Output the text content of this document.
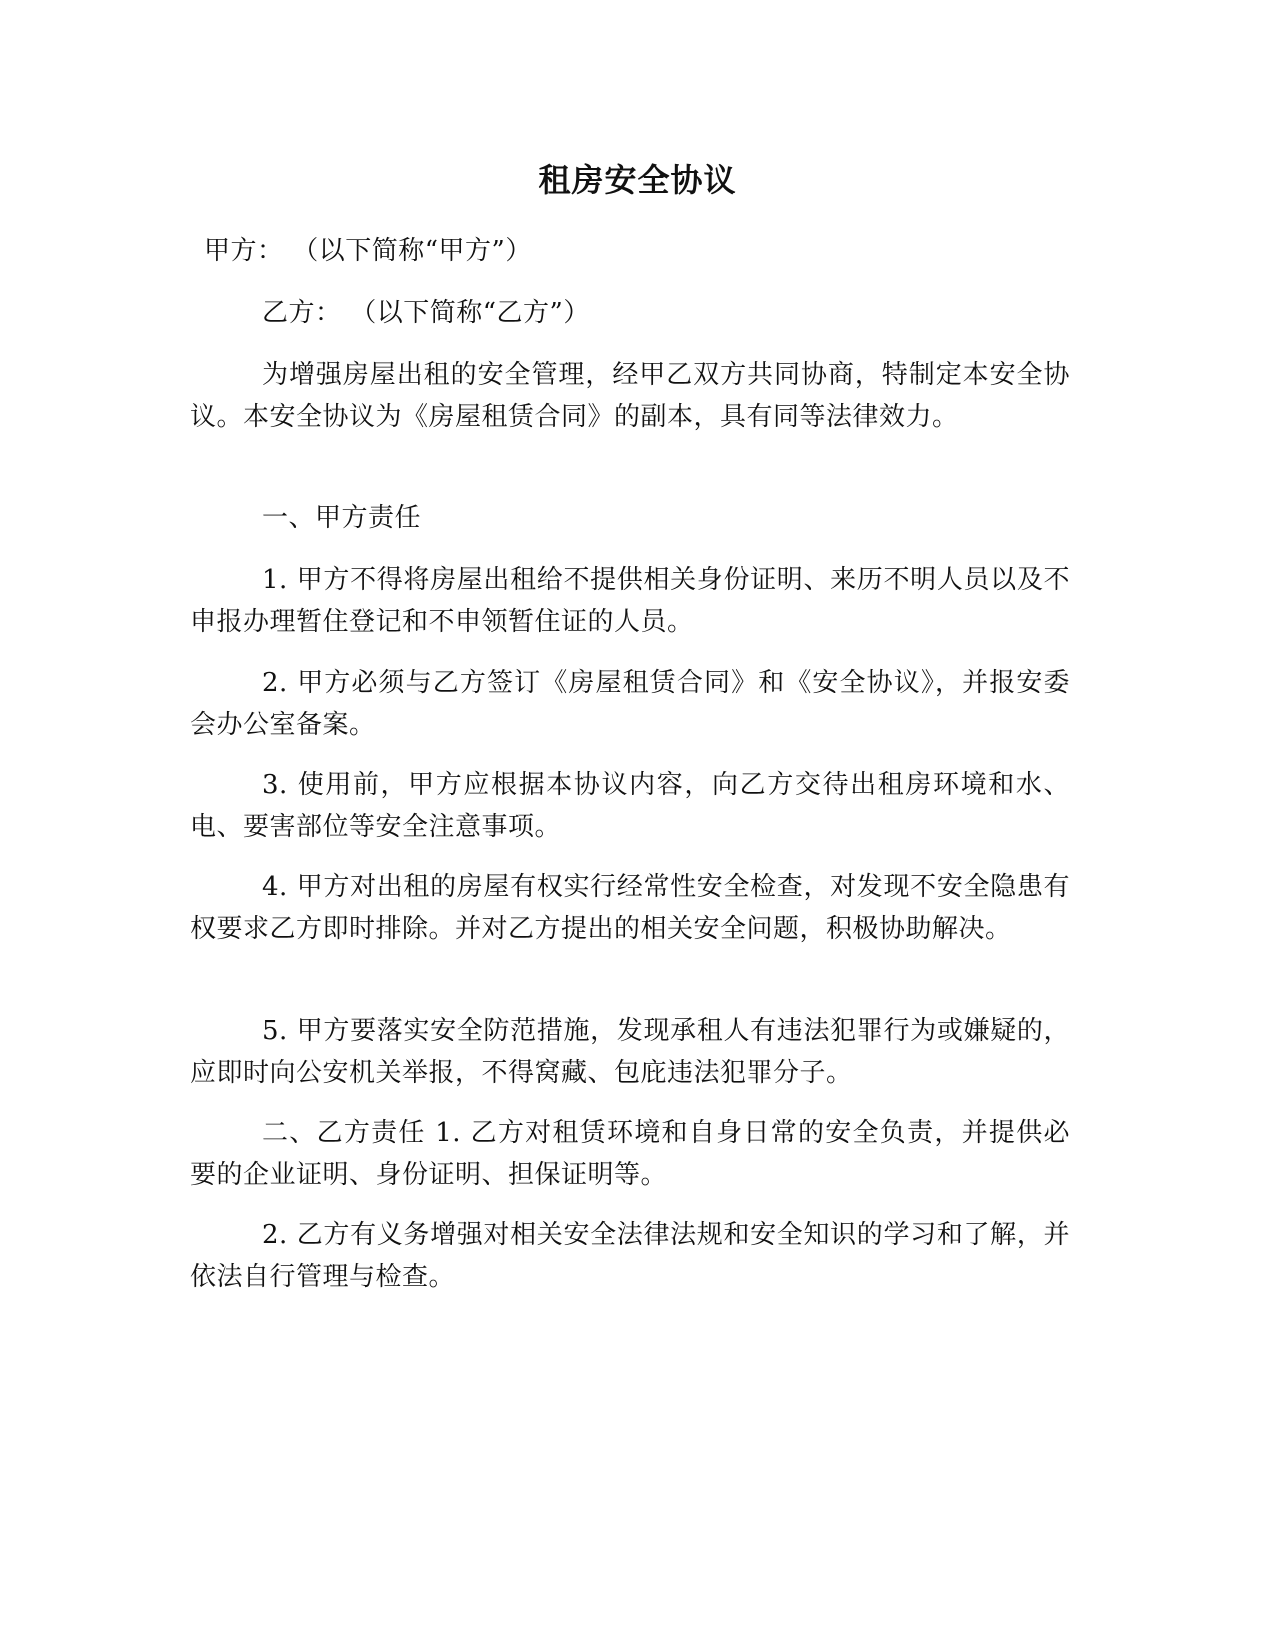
租房安全协议

甲方： （以下简称“甲方”）

乙方： （以下简称“乙方”）

为增强房屋出租的安全管理，经甲乙双方共同协商，特制定本安全协议。本安全协议为《房屋租赁合同》的副本，具有同等法律效力。

一、甲方责任

1. 甲方不得将房屋出租给不提供相关身份证明、来历不明人员以及不申报办理暂住登记和不申领暂住证的人员。

2. 甲方必须与乙方签订《房屋租赁合同》和《安全协议》，并报安委会办公室备案。

3. 使用前，甲方应根据本协议内容，向乙方交待出租房环境和水、电、要害部位等安全注意事项。

4. 甲方对出租的房屋有权实行经常性安全检查，对发现不安全隐患有权要求乙方即时排除。并对乙方提出的相关安全问题，积极协助解决。

5. 甲方要落实安全防范措施，发现承租人有违法犯罪行为或嫌疑的，应即时向公安机关举报，不得窝藏、包庇违法犯罪分子。

二、乙方责任 1. 乙方对租赁环境和自身日常的安全负责，并提供必要的企业证明、身份证明、担保证明等。

2. 乙方有义务增强对相关安全法律法规和安全知识的学习和了解，并依法自行管理与检查。
